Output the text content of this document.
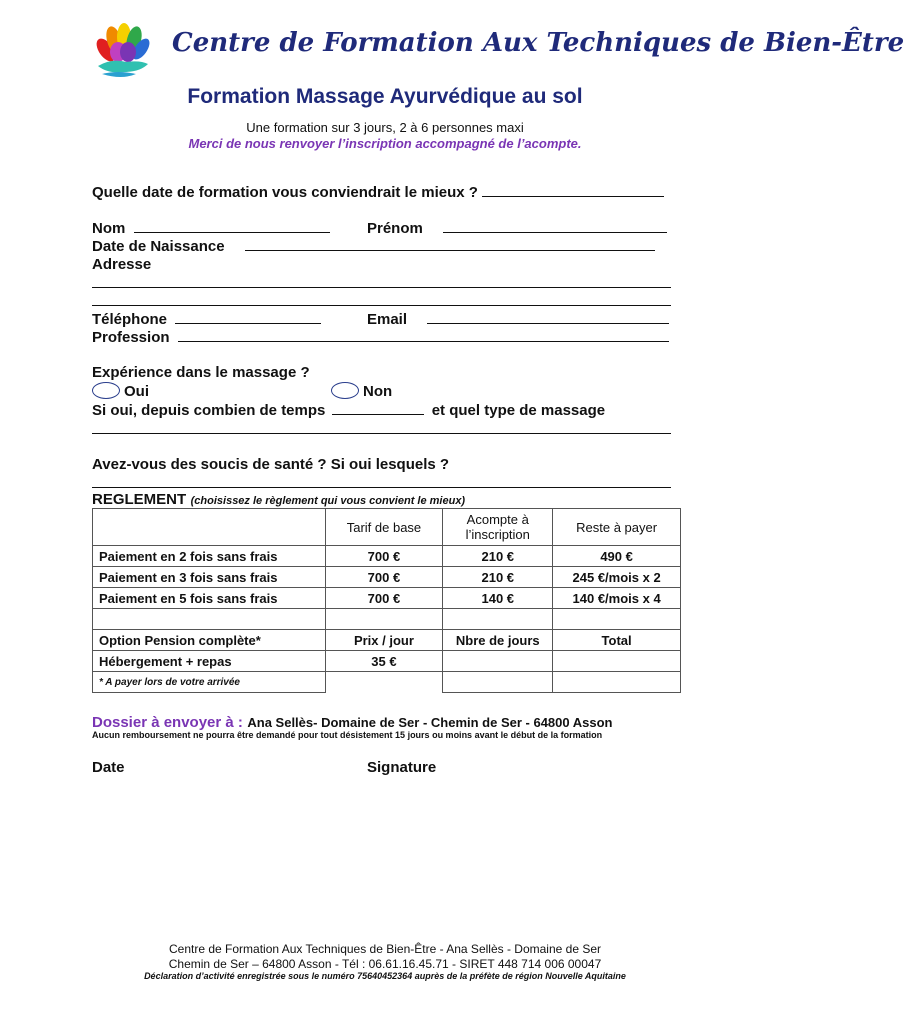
Centre de Formation Aux Techniques de Bien-Être
Formation Massage Ayurvédique au sol
Une formation sur 3 jours, 2 à 6 personnes maxi
Merci de nous renvoyer l’inscription accompagné de l’acompte.
Quelle date de formation vous conviendrait le mieux ?
Nom	Prénom
Date de Naissance
Adresse
Téléphone	Email
Profession
Expérience dans le massage ?
Oui	Non
Si oui, depuis combien de temps	et quel type de massage
Avez-vous des soucis de santé ? Si oui lesquels ?
REGLEMENT (choisissez le règlement qui vous convient le mieux)
	Tarif de base	Acompte à l’inscription	Reste à payer
Paiement en 2 fois sans frais	700 €	210 €	490 €
Paiement en 3 fois sans frais	700 €	210 €	245 €/mois x 2
Paiement en 5 fois sans frais	700 €	140 €	140 €/mois x 4

Option Pension complète*	Prix / jour	Nbre de jours	Total
Hébergement + repas	35 €		
* A payer lors de votre arrivée			
Dossier à envoyer à : Ana Sellès- Domaine de Ser - Chemin de Ser - 64800 Asson
Aucun remboursement ne pourra être demandé pour tout désistement 15 jours ou moins avant le début de la formation
Date	Signature
Centre de Formation Aux Techniques de Bien-Être - Ana Sellès - Domaine de Ser
Chemin de Ser – 64800 Asson - Tél : 06.61.16.45.71 - SIRET 448 714 006 00047
Déclaration d’activité enregistrée sous le numéro 75640452364 auprès de la préfète de région Nouvelle Aquitaine
